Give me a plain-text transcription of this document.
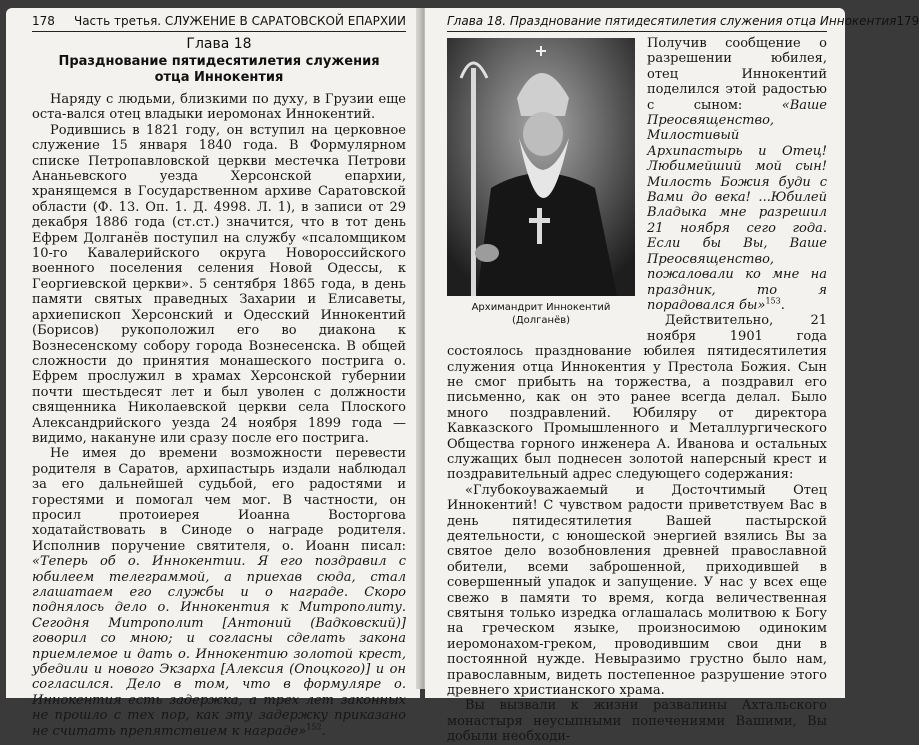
178 Часть третья. СЛУЖЕНИЕ В САРАТОВСКОЙ ЕПАРХИИ
Глава 18
Празднование пятидесятилетия служения
отца Иннокентия

Наряду с людьми, близкими по духу, в Грузии еще оста-вался отец владыки иеромонах Иннокентий.

Родившись в 1821 году, он вступил на церковное служение 15 января 1840 года. В Формулярном списке Петропавловской церкви местечка Петрови Ананьевского уезда Херсонской епархии, хранящемся в Государственном архиве Саратовской области (Ф. 13. Оп. 1. Д. 4998. Л. 1), в записи от 29 декабря 1886 года (ст.ст.) значится, что в тот день Ефрем Долганёв поступил на службу «псаломщиком 10-го Кавалерийского округа Новороссийского военного поселения селения Новой Одессы, к Георгиевской церкви». 5 сентября 1865 года, в день памяти святых праведных Захарии и Елисаветы, архиепископ Херсонский и Одесский Иннокентий (Борисов) рукоположил его во диакона к Вознесенскому собору города Вознесенска. В общей сложности до принятия монашеского пострига о. Ефрем прослужил в храмах Херсонской губернии почти шестьдесят лет и был уволен с должности священника Николаевской церкви села Плоского Александрийского уезда 24 ноября 1899 года — видимо, накануне или сразу после его пострига.

Не имея до времени возможности перевести родителя в Саратов, архипастырь издали наблюдал за его дальнейшей судьбой, его радостями и горестями и помогал чем мог. В частности, он просил протоиерея Иоанна Восторгова ходатайствовать в Синоде о награде родителя. Исполнив поручение святителя, о. Иоанн писал: «Теперь об о. Иннокентии. Я его поздравил с юбилеем телеграммой, а приехав сюда, стал глашатаем его службы и о награде. Скоро поднялось дело о. Иннокентия к Митрополиту. Сегодня Митрополит [Антоний (Вадковский)] говорил со мною; и согласны сделать закона приемлемое и дать о. Иннокентию золотой крест, убедили и нового Экзарха [Алексия (Опоцкого)] и он согласился. Дело в том, что в формуляре о. Иннокентия есть задержка, а трех лет законных не прошло с тех пор, как эту задержку приказано не считать препятствием к награде»$^{152}$.

Глава 18. Празднование пятидесятилетия служения отца Иннокентия 179
Архимандрит Иннокентий
(Долганёв)

Получив сообщение о разрешении юбилея, отец Иннокентий поделился этой радостью с сыном: «Ваше Преосвященство, Милостивый Архипастырь и Отец! Любимейший мой сын! Милость Божия буди с Вами до века! ...Юбилей Владыка мне разрешил 21 ноября сего года. Если бы Вы, Ваше Преосвященство, пожаловали ко мне на праздник, то я порадовался бы»$^{153}$.

Действительно, 21 ноября 1901 года состоялось празднование юбилея пятидесятилетия служения отца Иннокентия у Престола Божия. Сын не смог прибыть на торжества, а поздравил его письменно, как он это ранее всегда делал. Было много поздравлений. Юбиляру от директора Кавказского Промышленного и Металлургического Общества горного инженера А. Иванова и остальных служащих был поднесен золотой наперсный крест и поздравительный адрес следующего содержания:

«Глубокоуважаемый и Досточтимый Отец Иннокентий! С чувством радости приветствуем Вас в день пятидесятилетия Вашей пастырской деятельности, с юношеской энергией взялись Вы за святое дело возобновления древней православной обители, всеми заброшенной, приходившей в совершенный упадок и запущение. У нас у всех еще свежо в памяти то время, когда величественная святыня только изредка оглашалась молитвою к Богу на греческом языке, произносимою одиноким иеромонахом-греком, проводившим свои дни в постоянной нужде. Невыразимо грустно было нам, православным, видеть постепенное разрушение этого древнего христианского храма.

Вы вызвали к жизни развалины Ахтальского монастыря неусыпными попечениями Вашими, Вы добыли необходи-
